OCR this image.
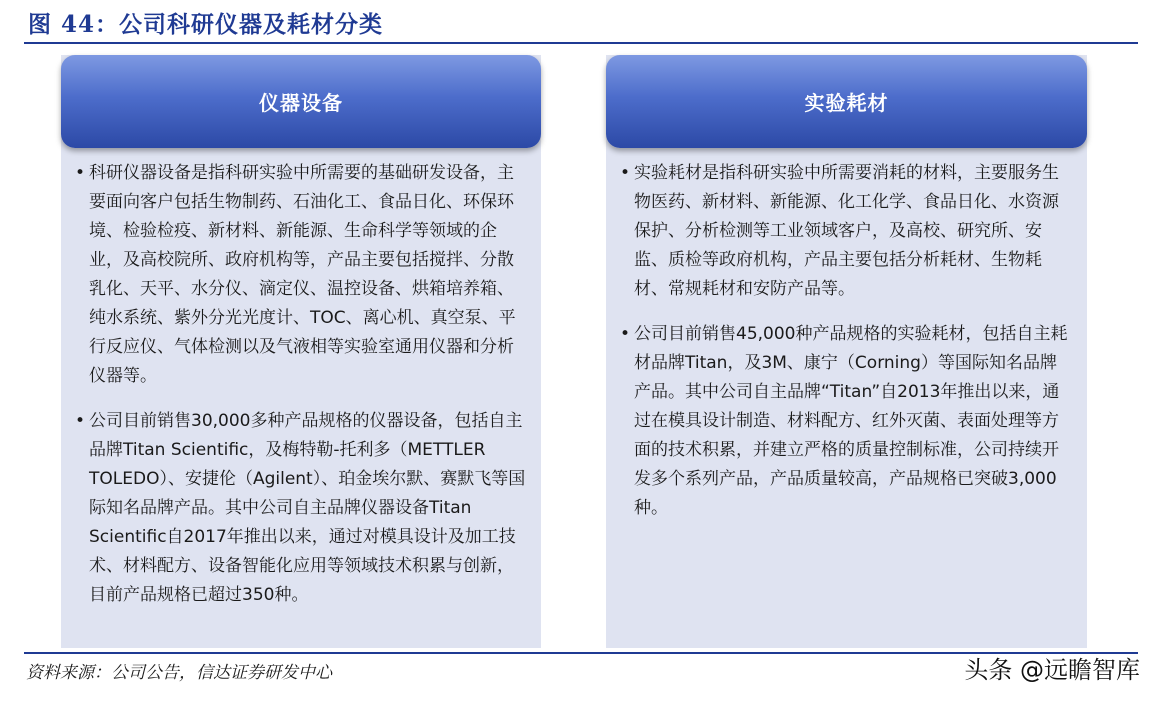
图 44：公司科研仪器及耗材分类
仪器设备
• 科研仪器设备是指科研实验中所需要的基础研发设备，主要面向客户包括生物制药、石油化工、食品日化、环保环境、检验检疫、新材料、新能源、生命科学等领域的企业，及高校院所、政府机构等，产品主要包括搅拌、分散乳化、天平、水分仪、滴定仪、温控设备、烘箱培养箱、纯水系统、紫外分光光度计、TOC、离心机、真空泵、平行反应仪、气体检测以及气液相等实验室通用仪器和分析仪器等。
• 公司目前销售30,000多种产品规格的仪器设备，包括自主品牌Titan Scientific，及梅特勒-托利多（METTLER TOLEDO）、安捷伦（Agilent）、珀金埃尔默、赛默飞等国际知名品牌产品。其中公司自主品牌仪器设备Titan Scientific自2017年推出以来，通过对模具设计及加工技术、材料配方、设备智能化应用等领域技术积累与创新，目前产品规格已超过350种。
实验耗材
• 实验耗材是指科研实验中所需要消耗的材料，主要服务生物医药、新材料、新能源、化工化学、食品日化、水资源保护、分析检测等工业领域客户，及高校、研究所、安监、质检等政府机构，产品主要包括分析耗材、生物耗材、常规耗材和安防产品等。
• 公司目前销售45,000种产品规格的实验耗材，包括自主耗材品牌Titan，及3M、康宁（Corning）等国际知名品牌产品。其中公司自主品牌“Titan”自2013年推出以来，通过在模具设计制造、材料配方、红外灭菌、表面处理等方面的技术积累，并建立严格的质量控制标准，公司持续开发多个系列产品，产品质量较高，产品规格已突破3,000种。
资料来源：公司公告，信达证券研发中心	头条 @远瞻智库
